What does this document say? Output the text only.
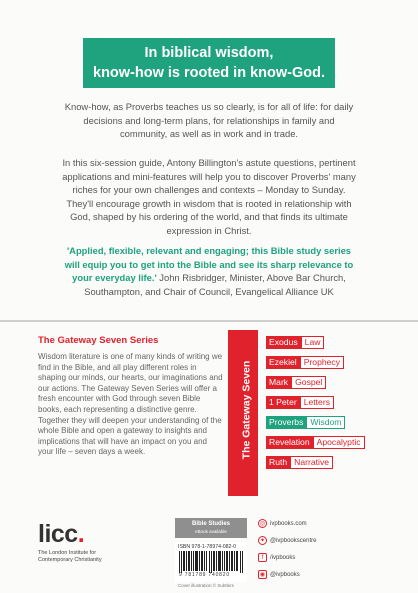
In biblical wisdom,
know-how is rooted in know-God.
Know-how, as Proverbs teaches us so clearly, is for all of life: for daily decisions and long-term plans, for relationships in family and community, as well as in work and in trade.
In this six-session guide, Antony Billington's astute questions, pertinent applications and mini-features will help you to discover Proverbs' many riches for your own challenges and contexts – Monday to Sunday. They'll encourage growth in wisdom that is rooted in relationship with God, shaped by his ordering of the world, and that finds its ultimate expression in Christ.
'Applied, flexible, relevant and engaging; this Bible study series will equip you to get into the Bible and see its sharp relevance to your everyday life.' John Risbridger, Minister, Above Bar Church, Southampton, and Chair of Council, Evangelical Alliance UK
The Gateway Seven Series
Wisdom literature is one of many kinds of writing we find in the Bible, and all play different roles in shaping our minds, our hearts, our imaginations and our actions. The Gateway Seven Series will offer a fresh encounter with God through seven Bible books, each representing a distinctive genre. Together they will deepen your understanding of the whole Bible and open a gateway to insights and implications that will have an impact on you and your life – seven days a week.	The Gateway Seven
Exodus Law
Ezekiel Prophecy
Mark Gospel
1 Peter Letters
Proverbs Wisdom
Revelation Apocalyptic
Ruth Narrative
licc.
The London Institute for Contemporary Christianity
Bible Studies
eBook available
ISBN 978-1-78974-082-0
9 781789 740820
Cover illustration © Subtlers
◎ ivpbooks.com
✦ @ivpbookscentre
f	/ivpbooks
◉ @ivpbooks
